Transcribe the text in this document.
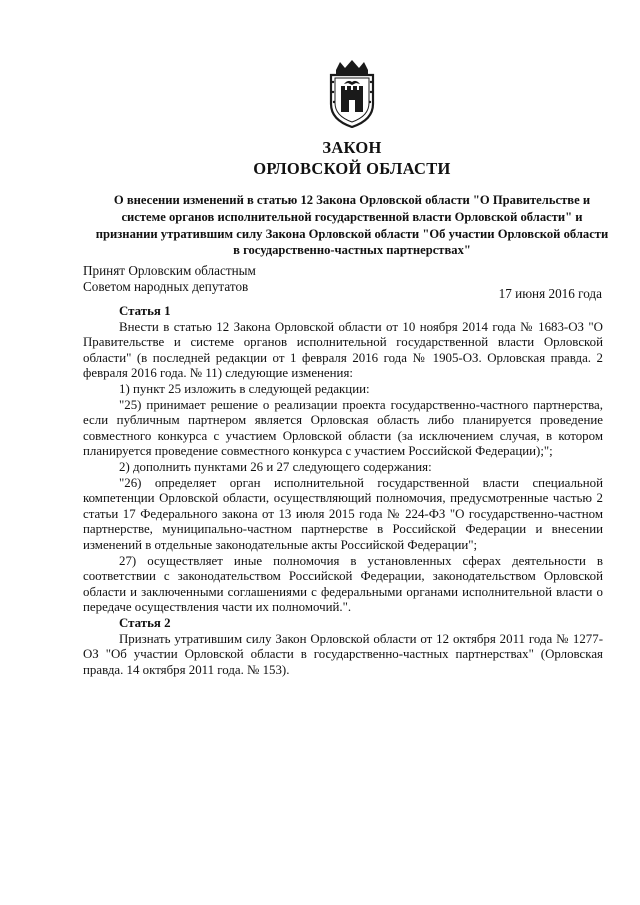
ЗАКОН
ОРЛОВСКОЙ ОБЛАСТИ
О внесении изменений в статью 12 Закона Орловской области "О Правительстве и системе органов исполнительной государственной власти Орловской области" и признании утратившим силу Закона Орловской области "Об участии Орловской области в государственно-частных партнерствах"
Принят Орловским областным
Советом народных депутатов	17 июня 2016 года

Статья 1

Внести в статью 12 Закона Орловской области от 10 ноября 2014 года № 1683-ОЗ "О Правительстве и системе органов исполнительной государственной власти Орловской области" (в последней редакции от 1 февраля 2016 года № 1905-ОЗ. Орловская правда. 2 февраля 2016 года. № 11) следующие изменения:

1) пункт 25 изложить в следующей редакции:

"25) принимает решение о реализации проекта государственно-частного партнерства, если публичным партнером является Орловская область либо планируется проведение совместного конкурса с участием Орловской области (за исключением случая, в котором планируется проведение совместного конкурса с участием Российской Федерации);";

2) дополнить пунктами 26 и 27 следующего содержания:

"26) определяет орган исполнительной государственной власти специальной компетенции Орловской области, осуществляющий полномочия, предусмотренные частью 2 статьи 17 Федерального закона от 13 июля 2015 года № 224-ФЗ "О государственно-частном партнерстве, муниципально-частном партнерстве в Российской Федерации и внесении изменений в отдельные законодательные акты Российской Федерации";

27) осуществляет иные полномочия в установленных сферах деятельности в соответствии с законодательством Российской Федерации, законодательством Орловской области и заключенными соглашениями с федеральными органами исполнительной власти о передаче осуществления части их полномочий.".

Статья 2

Признать утратившим силу Закон Орловской области от 12 октября 2011 года № 1277-ОЗ "Об участии Орловской области в государственно-частных партнерствах" (Орловская правда. 14 октября 2011 года. № 153).
